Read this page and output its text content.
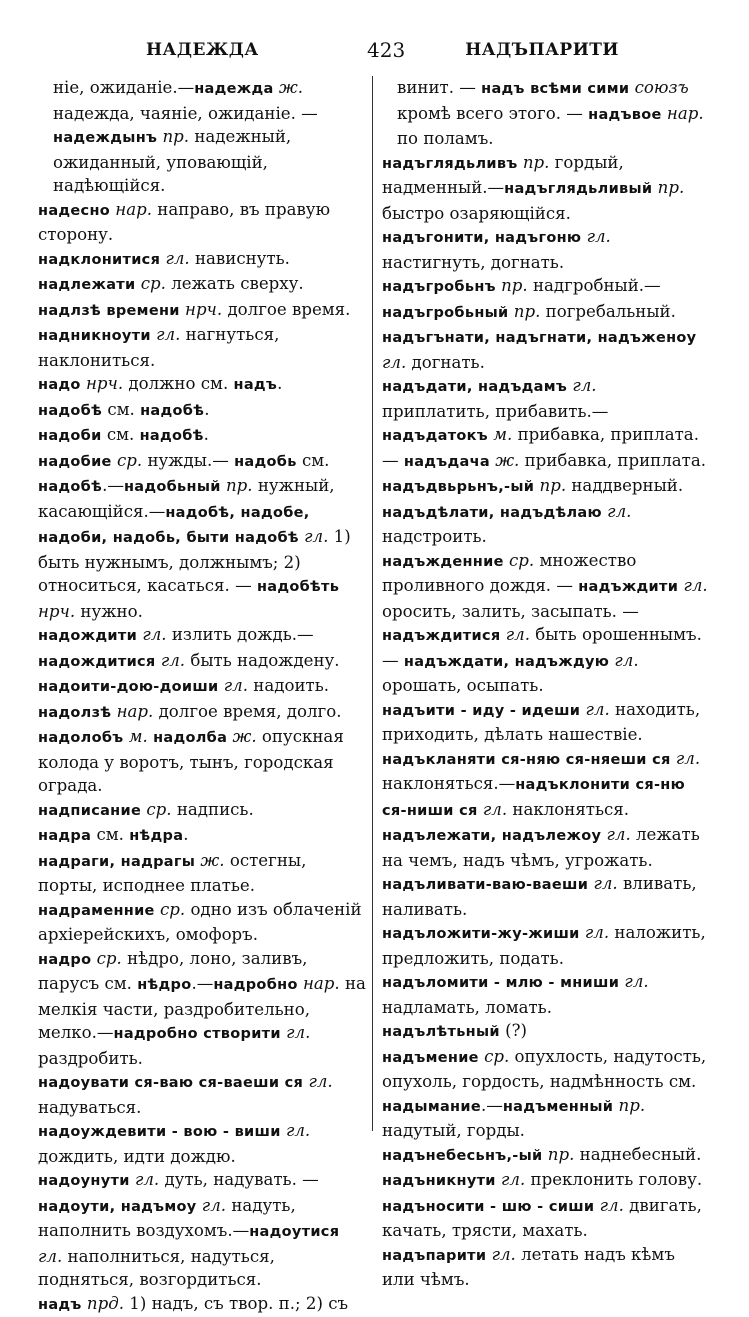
НАДЕЖДА	423	НАДЪПАРИТИ

ніе, ожиданіе.—надежда ж. надежда, чаяніе, ожиданіе. — надеждынъ пр. надежный, ожиданный, уповающій, надѣющійся.

надесно нар. направо, въ правую сторону.

надклонитися гл. нависнуть.

надлежати ср. лежать сверху.

надлзѣ времени нрч. долгое время.

надникноути гл. нагнуться, наклониться.

надо нрч. должно см. надъ.

надобѣ см. надобѣ.

надоби см. надобѣ.

надобие ср. нужды.— надобь см. надобѣ.—надобьный пр. нужный, касающійся.—надобѣ, надобе, надоби, надобь, быти надобѣ гл. 1) быть нужнымъ, должнымъ; 2) относиться, касаться. — надобѣть нрч. нужно.

надождити гл. излить дождь.—надождитися гл. быть надождену.

надоити-дою-доиши гл. надоить.

надолзѣ нар. долгое время, долго.

надолобъ м. надолба ж. опускная колода у воротъ, тынъ, городская ограда.

надписание ср. надпись.

надра см. нѣдра.

надраги, надрагы ж. остегны, порты, исподнее платье.

надраменние ср. одно изъ облаченій архіерейскихъ, омофоръ.

надро ср. нѣдро, лоно, заливъ, парусъ см. нѣдро.—надробно нар. на мелкія части, раздробительно, мелко.—надробно створити гл. раздробить.

надоувати ся-ваю ся-ваеши ся гл. надуваться.

надоуждевити - вою - виши гл. дождить, идти дождю.

надоунути гл. дуть, надувать. — надоути, надъмоу гл. надуть, наполнить воздухомъ.—надоутися гл. наполниться, надуться, подняться, возгордиться.

надъ прд. 1) надъ, съ твор. п.; 2) съ

винит. — надъ всѣми сими союзъ кромѣ всего этого. — надъвое нар. по поламъ.

надъглядьливъ пр. гордый, надменный.—надъглядьливый пр. быстро озаряющійся.

надъгонити, надъгоню гл. настигнуть, догнать.

надъгробьнъ пр. надгробный.—надъгробьный пр. погребальный.

надъгънати, надъгнати, надъженоу гл. догнать.

надъдати, надъдамъ гл. приплатить, прибавить.—надъдатокъ м. прибавка, приплата. — надъдача ж. прибавка, приплата.

надъдвьрьнъ,-ый пр. наддверный.

надъдѣлати, надъдѣлаю гл. надстроить.

надъжденние ср. множество проливного дождя. — надъждити гл. оросить, залить, засыпать. — надъждитися гл. быть орошеннымъ. — надъждати, надъждую гл. орошать, осыпать.

надъити - иду - идеши гл. находить, приходить, дѣлать нашествіе.

надъкланяти ся-няю ся-няеши ся гл. наклоняться.—надъклонити ся-ню ся-ниши ся гл. наклоняться.

надълежати, надълежоу гл. лежать на чемъ, надъ чѣмъ, угрожать.

надъливати-ваю-ваеши гл. вливать, наливать.

надъложити-жу-жиши гл. наложить, предложить, подать.

надъломити - млю - мниши гл. надламать, ломать.

надълѣтьный (?)

надъмение ср. опухлость, надутость, опухоль, гордость, надмѣнность см. надымание.—надъменный пр. надутый, горды.

надънебесьнъ,-ый пр. наднебесный.

надъникнути гл. преклонить голову.

надъносити - шю - сиши гл. двигать, качать, трясти, махать.

надъпарити гл. летать надъ кѣмъ или чѣмъ.
